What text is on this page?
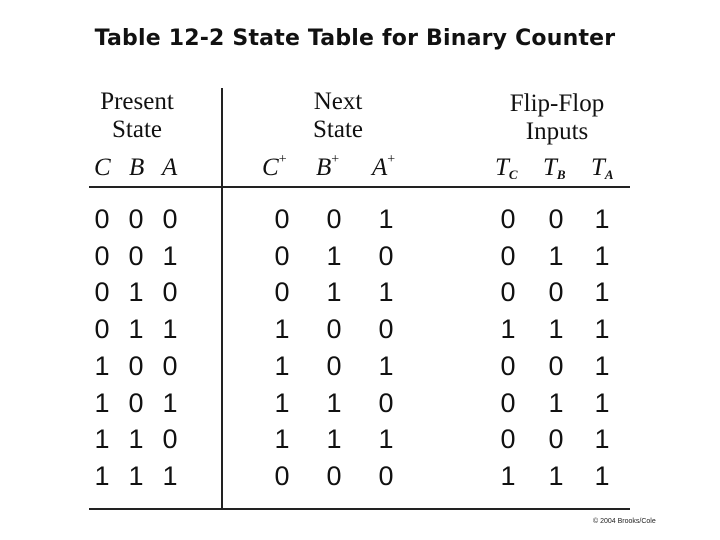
Table 12-2 State Table for Binary Counter
Present
State
Next
State
Flip-Flop
Inputs
C B A	C+ B+ A+	$T_C$ $T_B$ $T_A$
0 0 0	0 0 1	0 0 1
0 0 1	0 1 0	0 1 1
0 1 0	0 1 1	0 0 1
0 1 1	1 0 0	1 1 1
1 0 0	1 0 1	0 0 1
1 0 1	1 1 0	0 1 1
1 1 0	1 1 1	0 0 1
1 1 1	0 0 0	1 1 1
© 2004 Brooks/Cole
